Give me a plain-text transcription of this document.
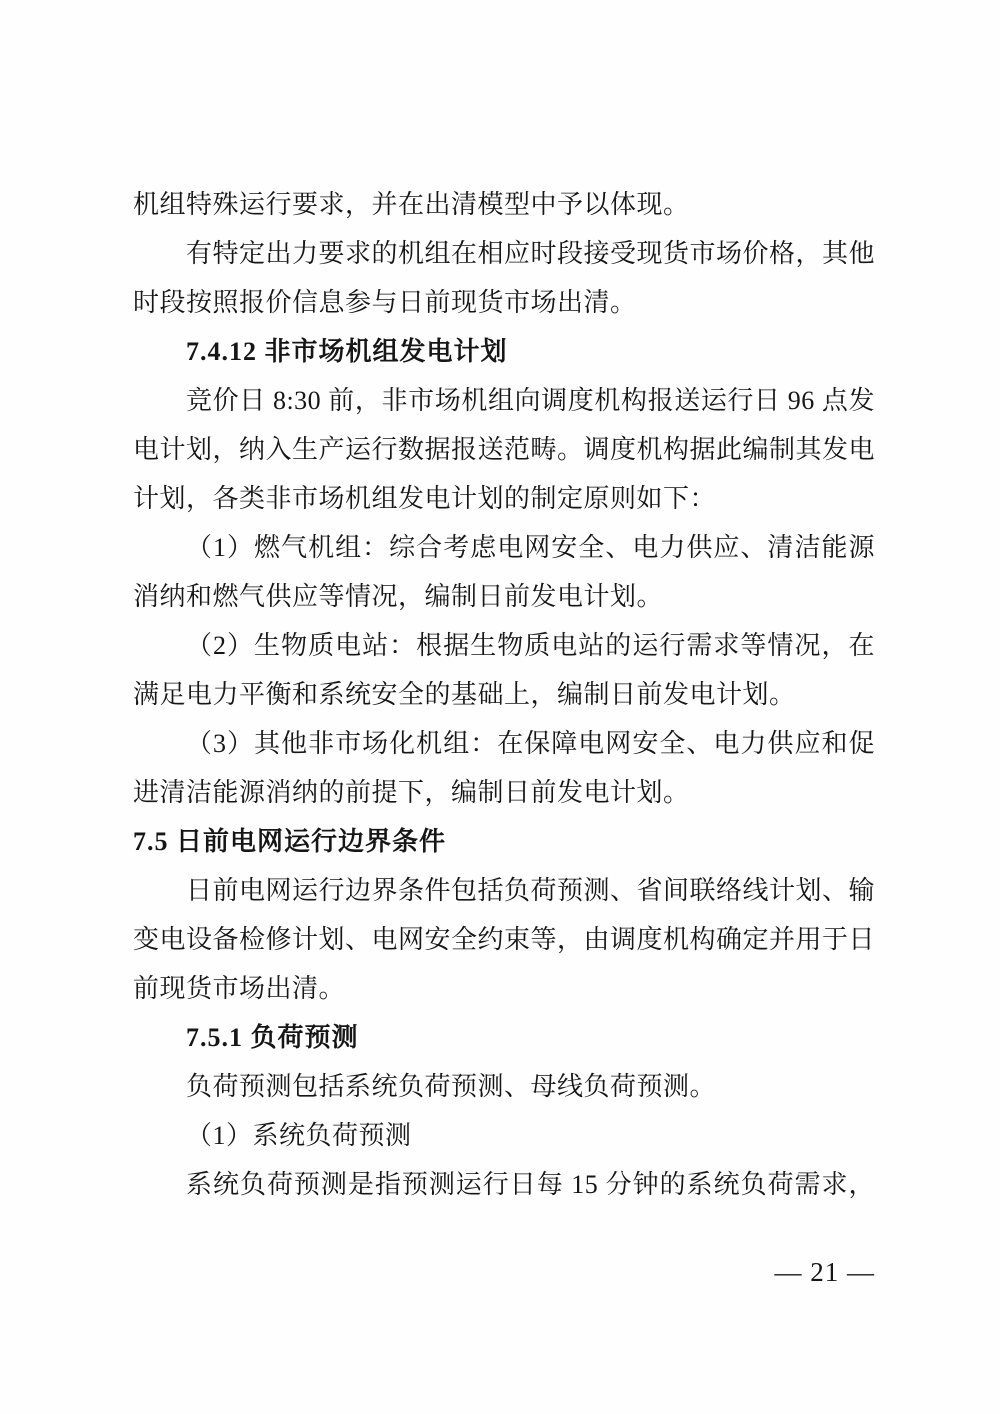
机组特殊运行要求，并在出清模型中予以体现。
有特定出力要求的机组在相应时段接受现货市场价格，其他
时段按照报价信息参与日前现货市场出清。
7.4.12 非市场机组发电计划
竞价日 8:30 前，非市场机组向调度机构报送运行日 96 点发
电计划，纳入生产运行数据报送范畴。调度机构据此编制其发电
计划，各类非市场机组发电计划的制定原则如下：
（1）燃气机组：综合考虑电网安全、电力供应、清洁能源
消纳和燃气供应等情况，编制日前发电计划。
（2）生物质电站：根据生物质电站的运行需求等情况，在
满足电力平衡和系统安全的基础上，编制日前发电计划。
（3）其他非市场化机组：在保障电网安全、电力供应和促
进清洁能源消纳的前提下，编制日前发电计划。
7.5 日前电网运行边界条件
日前电网运行边界条件包括负荷预测、省间联络线计划、输
变电设备检修计划、电网安全约束等，由调度机构确定并用于日
前现货市场出清。
7.5.1 负荷预测
负荷预测包括系统负荷预测、母线负荷预测。
（1）系统负荷预测
系统负荷预测是指预测运行日每 15 分钟的系统负荷需求，
— 21 —
